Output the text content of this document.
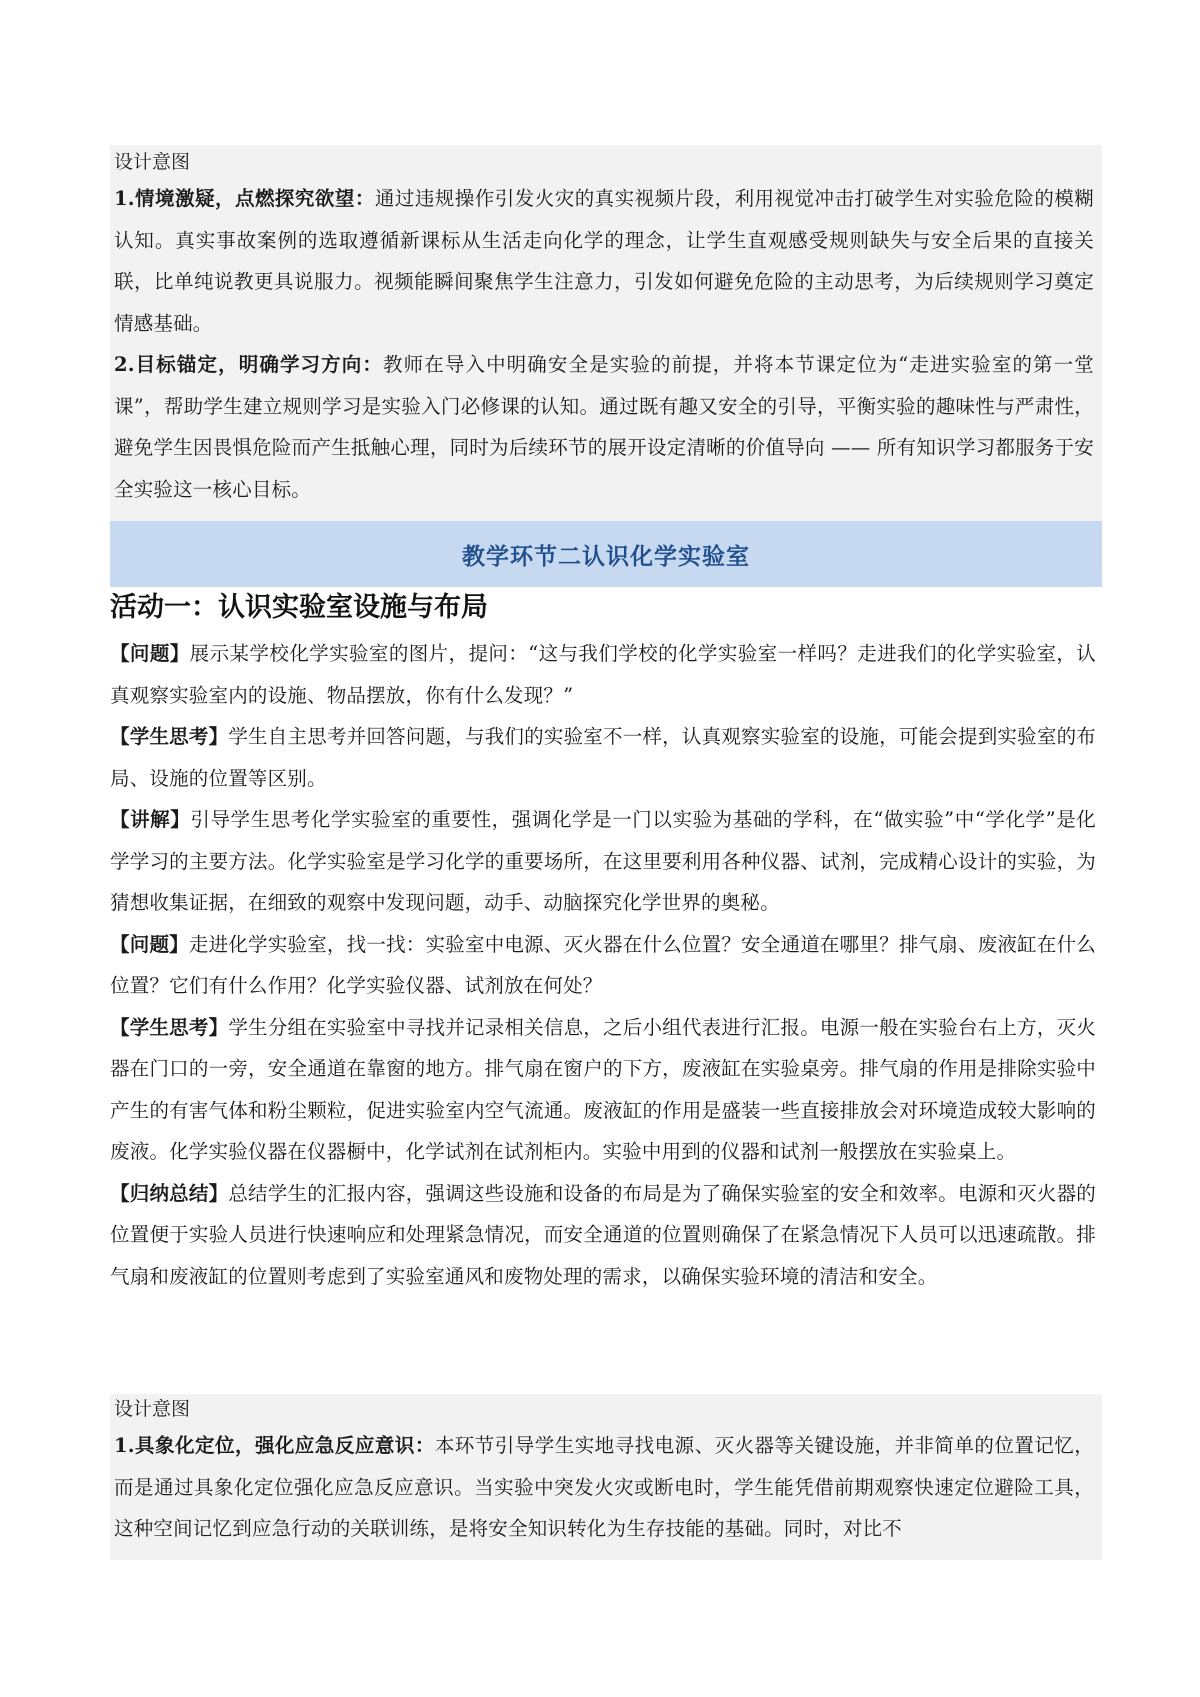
设计意图

1.情境激疑，点燃探究欲望：通过违规操作引发火灾的真实视频片段，利用视觉冲击打破学生对实验危险的模糊认知。真实事故案例的选取遵循新课标从生活走向化学的理念，让学生直观感受规则缺失与安全后果的直接关联，比单纯说教更具说服力。视频能瞬间聚焦学生注意力，引发如何避免危险的主动思考，为后续规则学习奠定情感基础。

2.目标锚定，明确学习方向：教师在导入中明确安全是实验的前提，并将本节课定位为“走进实验室的第一堂课”，帮助学生建立规则学习是实验入门必修课的认知。通过既有趣又安全的引导，平衡实验的趣味性与严肃性，避免学生因畏惧危险而产生抵触心理，同时为后续环节的展开设定清晰的价值导向 —— 所有知识学习都服务于安全实验这一核心目标。

教学环节二认识化学实验室
活动一：认识实验室设施与布局

【问题】展示某学校化学实验室的图片，提问：“这与我们学校的化学实验室一样吗？走进我们的化学实验室，认真观察实验室内的设施、物品摆放，你有什么发现？”

【学生思考】学生自主思考并回答问题，与我们的实验室不一样，认真观察实验室的设施，可能会提到实验室的布局、设施的位置等区别。

【讲解】引导学生思考化学实验室的重要性，强调化学是一门以实验为基础的学科，在“做实验”中“学化学”是化学学习的主要方法。化学实验室是学习化学的重要场所，在这里要利用各种仪器、试剂，完成精心设计的实验，为猜想收集证据，在细致的观察中发现问题，动手、动脑探究化学世界的奥秘。

【问题】走进化学实验室，找一找：实验室中电源、灭火器在什么位置？安全通道在哪里？排气扇、废液缸在什么位置？它们有什么作用？化学实验仪器、试剂放在何处？

【学生思考】学生分组在实验室中寻找并记录相关信息，之后小组代表进行汇报。电源一般在实验台右上方，灭火器在门口的一旁，安全通道在靠窗的地方。排气扇在窗户的下方，废液缸在实验桌旁。排气扇的作用是排除实验中产生的有害气体和粉尘颗粒，促进实验室内空气流通。废液缸的作用是盛装一些直接排放会对环境造成较大影响的废液。化学实验仪器在仪器橱中，化学试剂在试剂柜内。实验中用到的仪器和试剂一般摆放在实验桌上。

【归纳总结】总结学生的汇报内容，强调这些设施和设备的布局是为了确保实验室的安全和效率。电源和灭火器的位置便于实验人员进行快速响应和处理紧急情况，而安全通道的位置则确保了在紧急情况下人员可以迅速疏散。排气扇和废液缸的位置则考虑到了实验室通风和废物处理的需求，以确保实验环境的清洁和安全。

设计意图

1.具象化定位，强化应急反应意识：本环节引导学生实地寻找电源、灭火器等关键设施，并非简单的位置记忆，而是通过具象化定位强化应急反应意识。当实验中突发火灾或断电时，学生能凭借前期观察快速定位避险工具，这种空间记忆到应急行动的关联训练，是将安全知识转化为生存技能的基础。同时，对比不
